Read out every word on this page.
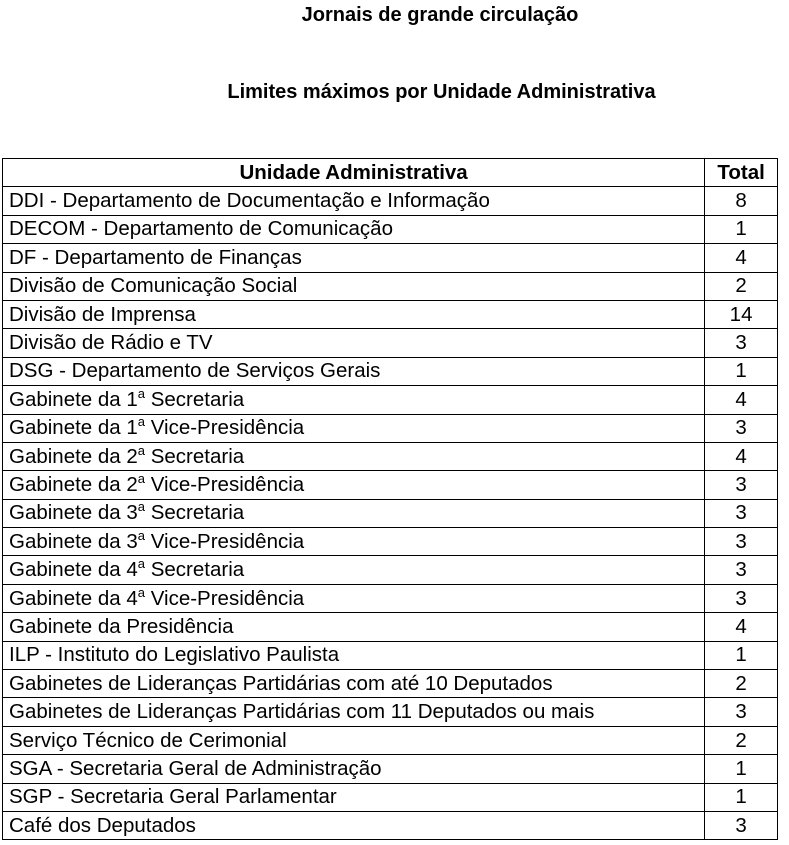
Jornais de grande circulação
Limites máximos por Unidade Administrativa
Unidade Administrativa	Total
DDI - Departamento de Documentação e Informação	8
DECOM - Departamento de Comunicação	1
DF - Departamento de Finanças	4
Divisão de Comunicação Social	2
Divisão de Imprensa	14
Divisão de Rádio e TV	3
DSG - Departamento de Serviços Gerais	1
Gabinete da 1$^a$ Secretaria	4
Gabinete da 1$^a$ Vice-Presidência	3
Gabinete da 2$^a$ Secretaria	4
Gabinete da 2$^a$ Vice-Presidência	3
Gabinete da 3$^a$ Secretaria	3
Gabinete da 3$^a$ Vice-Presidência	3
Gabinete da 4$^a$ Secretaria	3
Gabinete da 4$^a$ Vice-Presidência	3
Gabinete da Presidência	4
ILP - Instituto do Legislativo Paulista	1
Gabinetes de Lideranças Partidárias com até 10 Deputados	2
Gabinetes de Lideranças Partidárias com 11 Deputados ou mais	3
Serviço Técnico de Cerimonial	2
SGA - Secretaria Geral de Administração	1
SGP - Secretaria Geral Parlamentar	1
Café dos Deputados	3
